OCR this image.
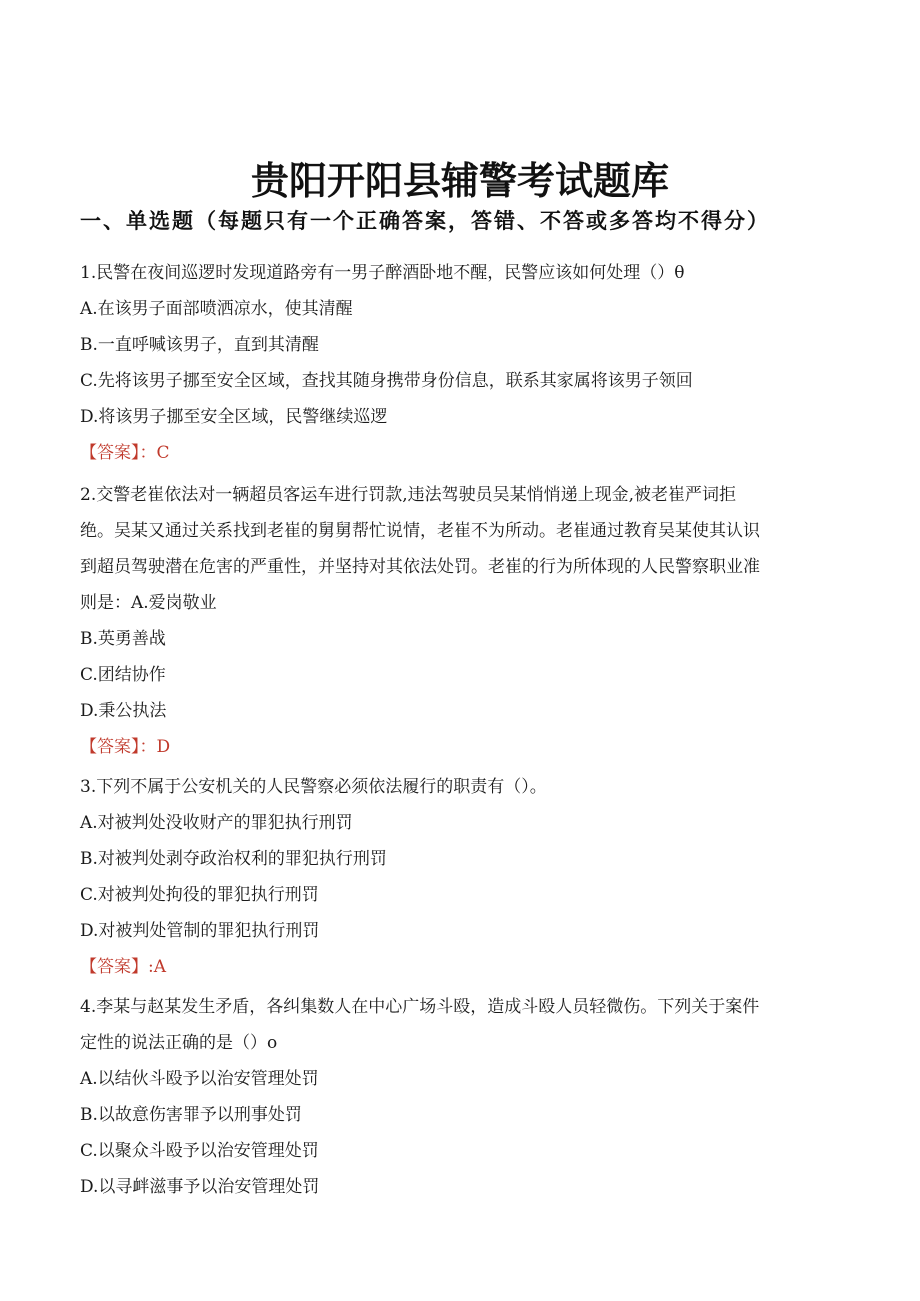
贵阳开阳县辅警考试题库
一、单选题（每题只有一个正确答案，答错、不答或多答均不得分）
1.民警在夜间巡逻时发现道路旁有一男子醉酒卧地不醒，民警应该如何处理（）θ
A.在该男子面部喷洒凉水，使其清醒
B.一直呼喊该男子，直到其清醒
C.先将该男子挪至安全区域，查找其随身携带身份信息，联系其家属将该男子领回
D.将该男子挪至安全区域，民警继续巡逻
【答案】：C
2.交警老崔依法对一辆超员客运车进行罚款,违法驾驶员吴某悄悄递上现金,被老崔严词拒
绝。吴某又通过关系找到老崔的舅舅帮忙说情，老崔不为所动。老崔通过教育吴某使其认识
到超员驾驶潜在危害的严重性，并坚持对其依法处罚。老崔的行为所体现的人民警察职业准
则是：A.爱岗敬业
B.英勇善战
C.团结协作
D.秉公执法
【答案】：D
3.下列不属于公安机关的人民警察必须依法履行的职责有（）。
A.对被判处没收财产的罪犯执行刑罚
B.对被判处剥夺政治权利的罪犯执行刑罚
C.对被判处拘役的罪犯执行刑罚
D.对被判处管制的罪犯执行刑罚
【答案】:A
4.李某与赵某发生矛盾，各纠集数人在中心广场斗殴，造成斗殴人员轻微伤。下列关于案件
定性的说法正确的是（）o
A.以结伙斗殴予以治安管理处罚
B.以故意伤害罪予以刑事处罚
C.以聚众斗殴予以治安管理处罚
D.以寻衅滋事予以治安管理处罚
